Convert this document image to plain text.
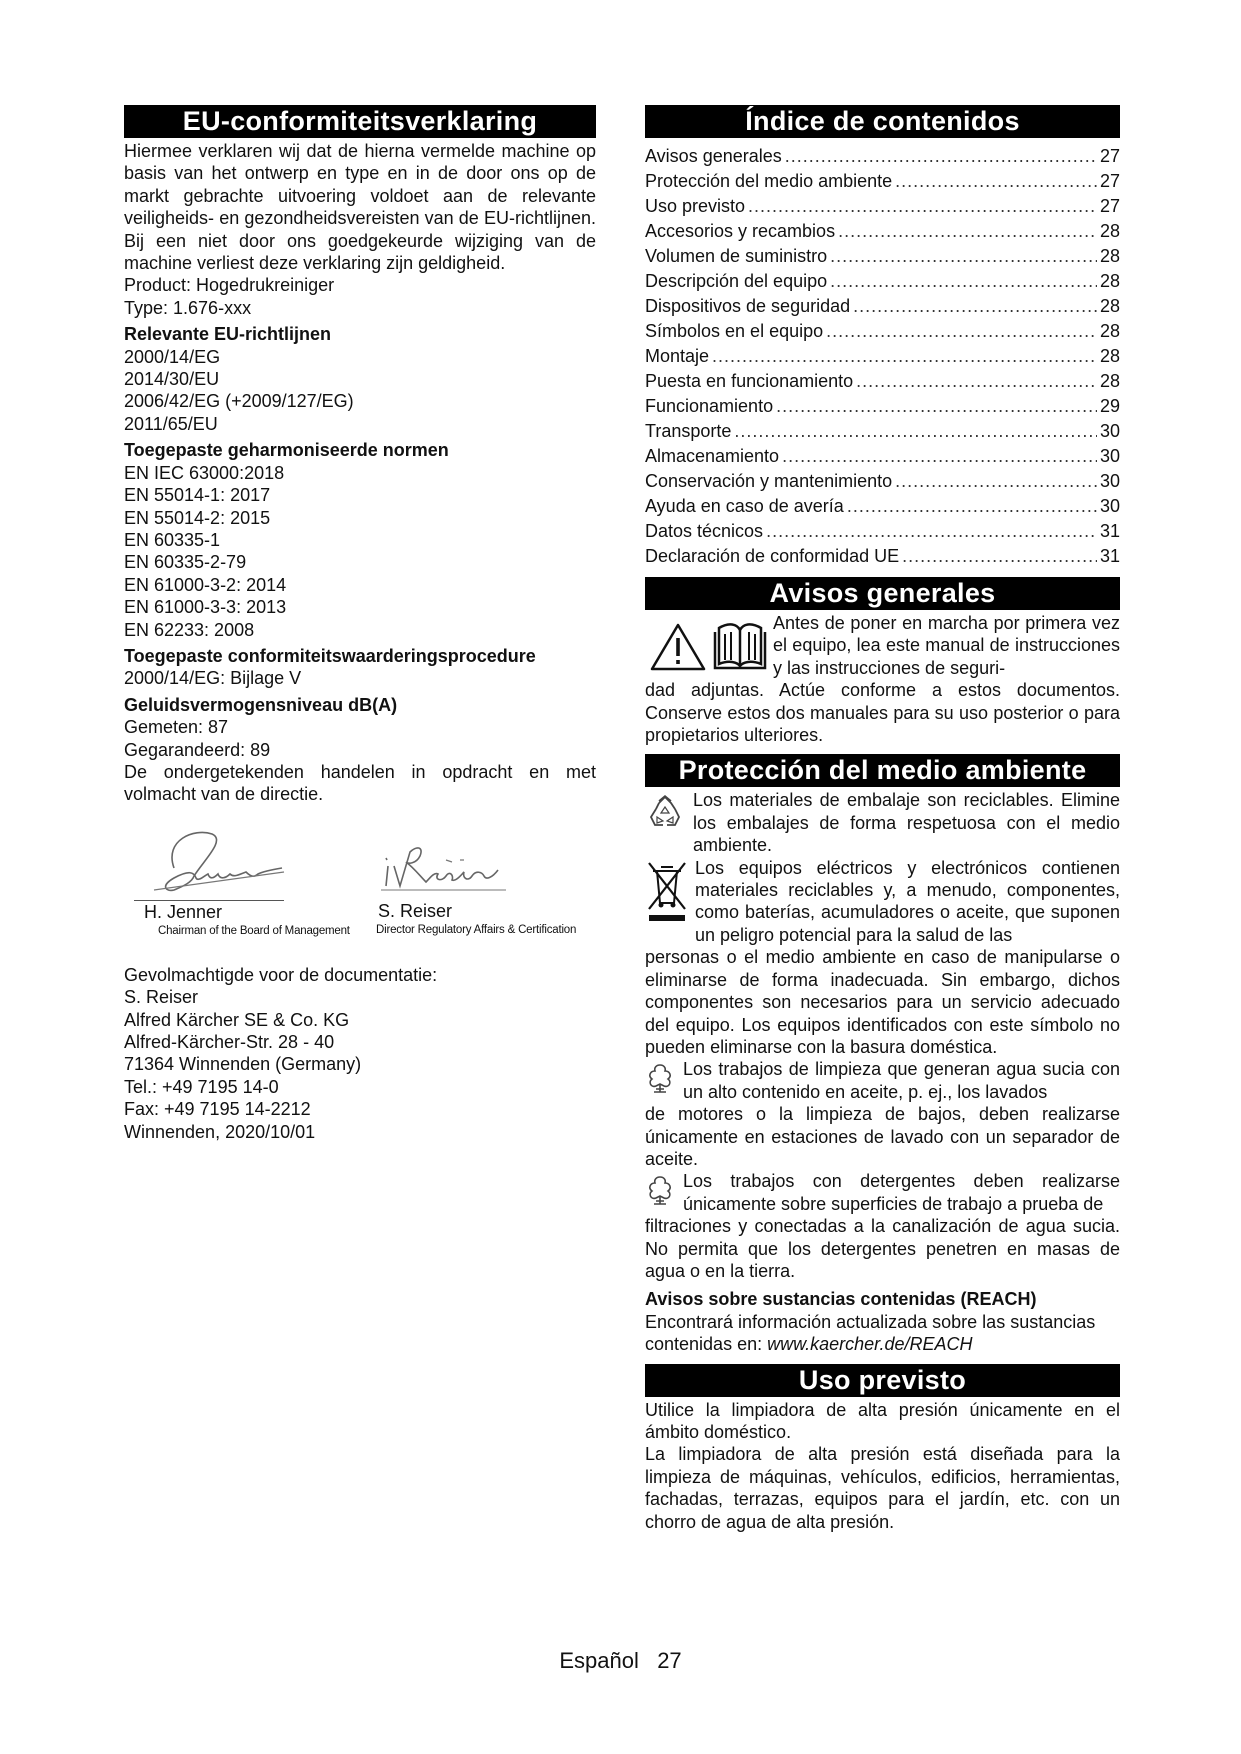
EU-conformiteitsverklaring

Hiermee verklaren wij dat de hierna vermelde machine op basis van het ontwerp en type en in de door ons op de markt gebrachte uitvoering voldoet aan de relevante veiligheids- en gezondheidsvereisten van de EU-richtlijnen. Bij een niet door ons goedgekeurde wijziging van de machine verliest deze verklaring zijn geldigheid.

Product: Hogedrukreiniger
Type: 1.676-xxx
Relevante EU-richtlijnen
2000/14/EG
2014/30/EU
2006/42/EG (+2009/127/EG)
2011/65/EU
Toegepaste geharmoniseerde normen
EN IEC 63000:2018
EN 55014-1: 2017
EN 55014-2: 2015
EN 60335-1
EN 60335-2-79
EN 61000-3-2: 2014
EN 61000-3-3: 2013
EN 62233: 2008
Toegepaste conformiteitswaarderingsprocedure
2000/14/EG: Bijlage V
Geluidsvermogensniveau dB(A)
Gemeten: 87
Gegarandeerd: 89

De ondergetekenden handelen in opdracht en met volmacht van de directie.

H. Jenner
Chairman of the Board of Management
S. Reiser
Director Regulatory Affairs & Certification
Gevolmachtigde voor de documentatie:
S. Reiser
Alfred Kärcher SE & Co. KG
Alfred-Kärcher-Str. 28 - 40
71364 Winnenden (Germany)
Tel.: +49 7195 14-0
Fax: +49 7195 14-2212
Winnenden, 2020/10/01
Índice de contenidos
Avisos generales .....	27
Protección del medio ambiente .....	27
Uso previsto .....	27
Accesorios y recambios .....	28
Volumen de suministro .....	28
Descripción del equipo .....	28
Dispositivos de seguridad .....	28
Símbolos en el equipo .....	28
Montaje .....	28
Puesta en funcionamiento .....	28
Funcionamiento .....	29
Transporte .....	30
Almacenamiento .....	30
Conservación y mantenimiento .....	30
Ayuda en caso de avería .....	30
Datos técnicos .....	31
Declaración de conformidad UE .....	31
Avisos generales

Antes de poner en marcha por primera vez el equipo, lea este manual de instrucciones y las instrucciones de seguri-

dad adjuntas. Actúe conforme a estos documentos. Conserve estos dos manuales para su uso posterior o para propietarios ulteriores.

Protección del medio ambiente

Los materiales de embalaje son reciclables. Elimine los embalajes de forma respetuosa con el medio ambiente.

Los equipos eléctricos y electrónicos contienen materiales reciclables y, a menudo, componentes, como baterías, acumuladores o aceite, que suponen un peligro potencial para la salud de las

personas o el medio ambiente en caso de manipularse o eliminarse de forma inadecuada. Sin embargo, dichos componentes son necesarios para un servicio adecuado del equipo. Los equipos identificados con este símbolo no pueden eliminarse con la basura doméstica.

Los trabajos de limpieza que generan agua sucia con un alto contenido en aceite, p. ej., los lavados

de motores o la limpieza de bajos, deben realizarse únicamente en estaciones de lavado con un separador de aceite.

Los trabajos con detergentes deben realizarse únicamente sobre superficies de trabajo a prueba de

filtraciones y conectadas a la canalización de agua sucia. No permita que los detergentes penetren en masas de agua o en la tierra.

Avisos sobre sustancias contenidas (REACH)

Encontrará información actualizada sobre las sustancias contenidas en: www.kaercher.de/REACH

Uso previsto

Utilice la limpiadora de alta presión únicamente en el ámbito doméstico.

La limpiadora de alta presión está diseñada para la limpieza de máquinas, vehículos, edificios, herramientas, fachadas, terrazas, equipos para el jardín, etc. con un chorro de agua de alta presión.

Español 27
